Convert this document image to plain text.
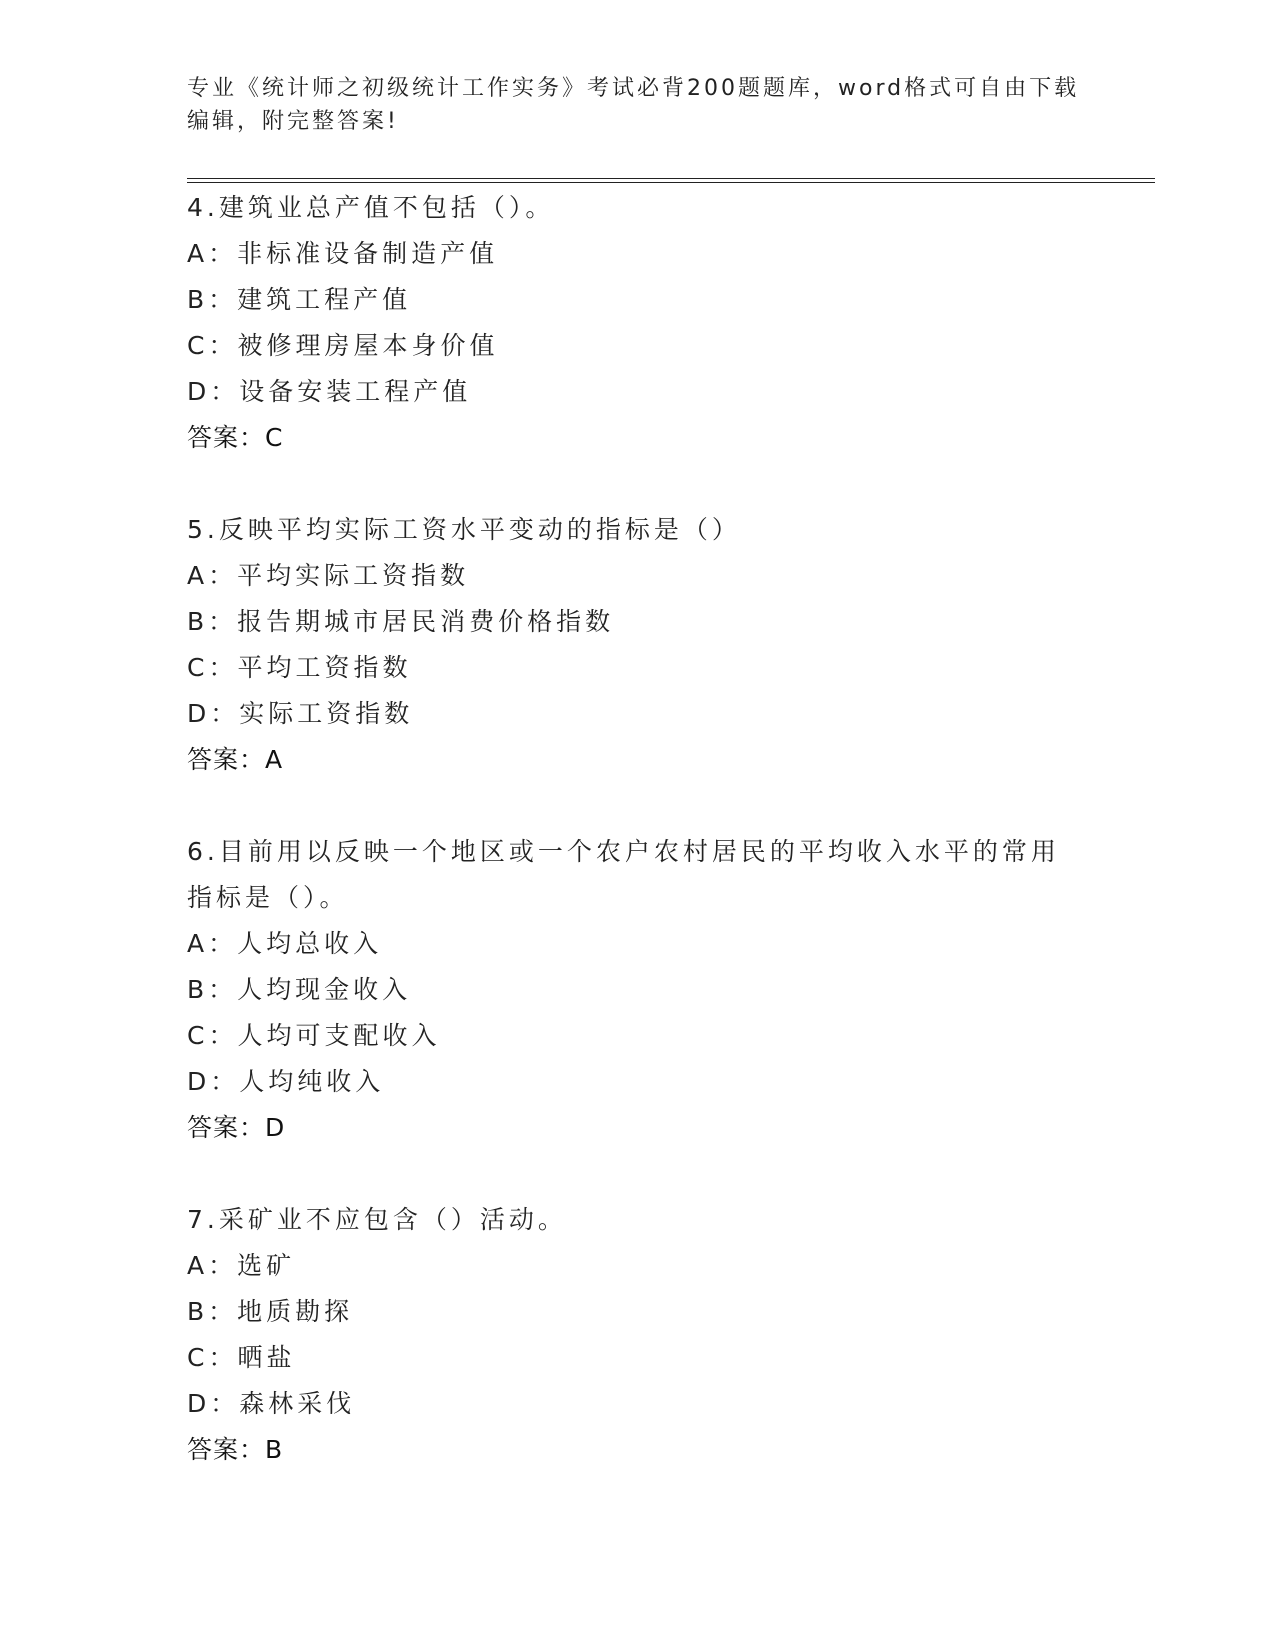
专业《统计师之初级统计工作实务》考试必背200题题库，word格式可自由下载编辑，附完整答案!
4.建筑业总产值不包括（）。
A：非标准设备制造产值
B：建筑工程产值
C：被修理房屋本身价值
D：设备安装工程产值
答案：C
5.反映平均实际工资水平变动的指标是（）
A：平均实际工资指数
B：报告期城市居民消费价格指数
C：平均工资指数
D：实际工资指数
答案：A
6.目前用以反映一个地区或一个农户农村居民的平均收入水平的常用指标是（）。
A：人均总收入
B：人均现金收入
C：人均可支配收入
D：人均纯收入
答案：D
7.采矿业不应包含（）活动。
A：选矿
B：地质勘探
C：晒盐
D：森林采伐
答案：B
